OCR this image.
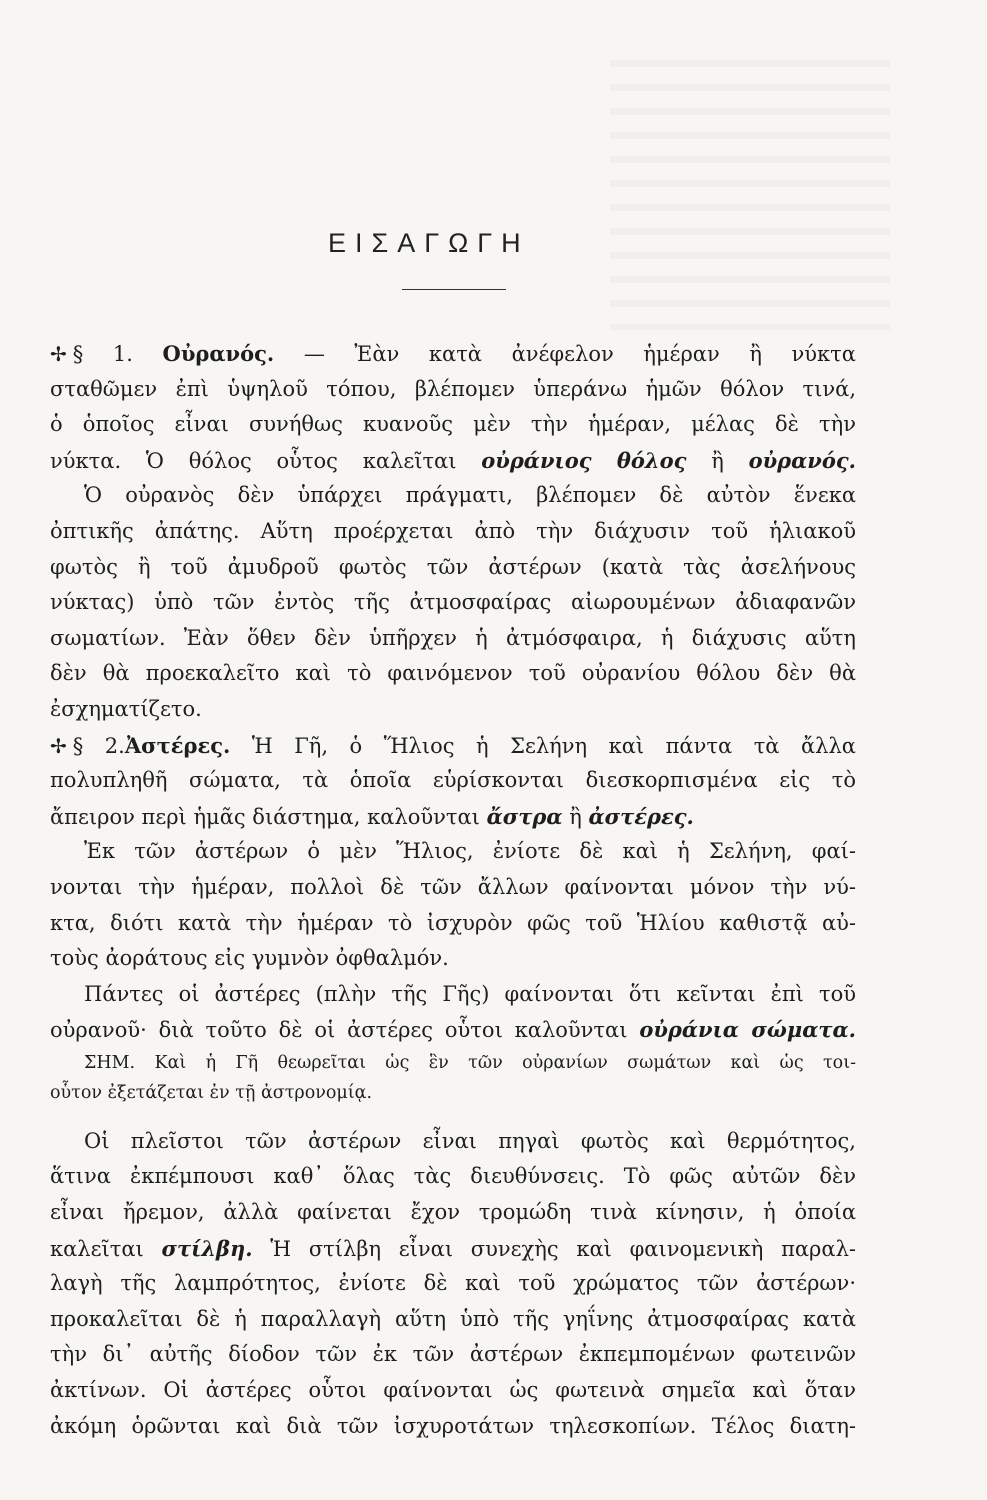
ΕΙΣΑΓΩΓΗ
✢ § 1. Οὐρανός. — Ἐὰν κατὰ ἀνέφελον ἡμέραν ἢ νύκτα
σταθῶμεν ἐπὶ ὑψηλοῦ τόπου, βλέπομεν ὑπεράνω ἡμῶν θόλον τινά,
ὁ ὁποῖος εἶναι συνήθως κυανοῦς μὲν τὴν ἡμέραν, μέλας δὲ τὴν
νύκτα. Ὁ θόλος οὗτος καλεῖται οὐράνιος θόλος ἢ οὐρανός.
Ὁ οὐρανὸς δὲν ὑπάρχει πράγματι, βλέπομεν δὲ αὐτὸν ἕνεκα
ὀπτικῆς ἀπάτης. Αὕτη προέρχεται ἀπὸ τὴν διάχυσιν τοῦ ἡλιακοῦ
φωτὸς ἢ τοῦ ἀμυδροῦ φωτὸς τῶν ἀστέρων (κατὰ τὰς ἀσελήνους
νύκτας) ὑπὸ τῶν ἐντὸς τῆς ἀτμοσφαίρας αἰωρουμένων ἀδιαφανῶν
σωματίων. Ἐὰν ὅθεν δὲν ὑπῆρχεν ἡ ἀτμόσφαιρα, ἡ διάχυσις αὕτη
δὲν θὰ προεκαλεῖτο καὶ τὸ φαινόμενον τοῦ οὐρανίου θόλου δὲν θὰ
ἐσχηματίζετο.
✢ § 2.Ἀστέρες. Ἡ Γῆ, ὁ Ἥλιος ἡ Σελήνη καὶ πάντα τὰ ἄλλα
πολυπληθῆ σώματα, τὰ ὁποῖα εὑρίσκονται διεσκορπισμένα εἰς τὸ
ἄπειρον περὶ ἡμᾶς διάστημα, καλοῦνται ἄστρα ἢ ἀστέρες.
Ἐκ τῶν ἀστέρων ὁ μὲν Ἥλιος, ἐνίοτε δὲ καὶ ἡ Σελήνη, φαί-
νονται τὴν ἡμέραν, πολλοὶ δὲ τῶν ἄλλων φαίνονται μόνον τὴν νύ-
κτα, διότι κατὰ τὴν ἡμέραν τὸ ἰσχυρὸν φῶς τοῦ Ἡλίου καθιστᾷ αὐ-
τοὺς ἀοράτους εἰς γυμνὸν ὀφθαλμόν.
Πάντες οἱ ἀστέρες (πλὴν τῆς Γῆς) φαίνονται ὅτι κεῖνται ἐπὶ τοῦ
οὐρανοῦ· διὰ τοῦτο δὲ οἱ ἀστέρες οὗτοι καλοῦνται οὐράνια σώματα.
ΣΗΜ. Καὶ ἡ Γῆ θεωρεῖται ὡς ἓν τῶν οὐρανίων σωμάτων καὶ ὡς τοι-
οὗτον ἐξετάζεται ἐν τῇ ἀστρονομίᾳ.
Οἱ πλεῖστοι τῶν ἀστέρων εἶναι πηγαὶ φωτὸς καὶ θερμότητος,
ἅτινα ἐκπέμπουσι καθ᾽ ὅλας τὰς διευθύνσεις. Τὸ φῶς αὐτῶν δὲν
εἶναι ἤρεμον, ἀλλὰ φαίνεται ἔχον τρομώδη τινὰ κίνησιν, ἡ ὁποία
καλεῖται στίλβη. Ἡ στίλβη εἶναι συνεχὴς καὶ φαινομενικὴ παραλ-
λαγὴ τῆς λαμπρότητος, ἐνίοτε δὲ καὶ τοῦ χρώματος τῶν ἀστέρων·
προκαλεῖται δὲ ἡ παραλλαγὴ αὕτη ὑπὸ τῆς γηΐνης ἀτμοσφαίρας κατὰ
τὴν δι᾽ αὐτῆς δίοδον τῶν ἐκ τῶν ἀστέρων ἐκπεμπομένων φωτεινῶν
ἀκτίνων. Οἱ ἀστέρες οὗτοι φαίνονται ὡς φωτεινὰ σημεῖα καὶ ὅταν
ἀκόμη ὁρῶνται καὶ διὰ τῶν ἰσχυροτάτων τηλεσκοπίων. Τέλος διατη-
